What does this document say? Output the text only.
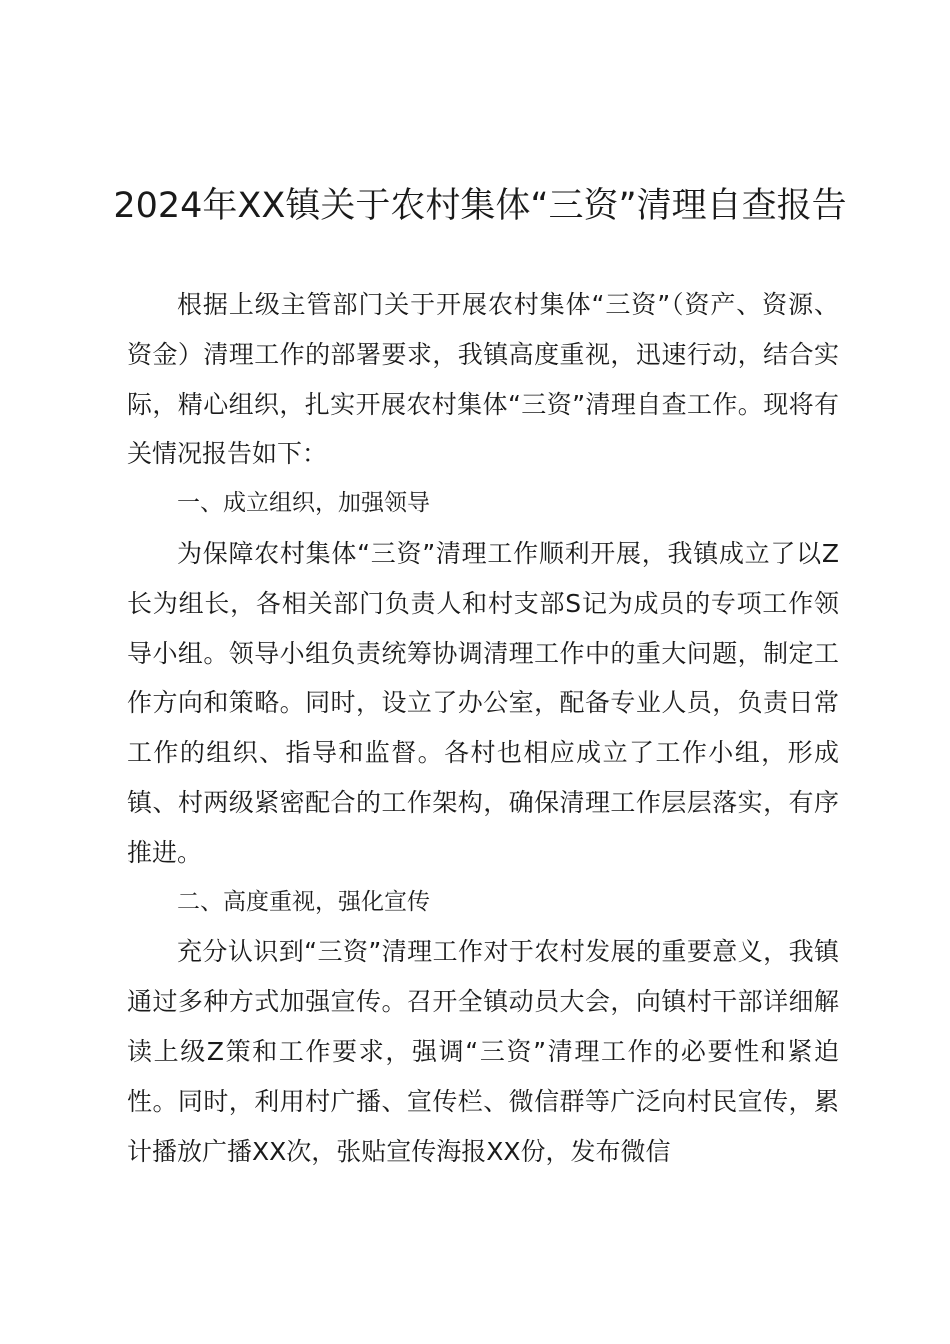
2024年XX镇关于农村集体“三资”清理自查报告

根据上级主管部门关于开展农村集体“三资”（资产、资源、资金）清理工作的部署要求，我镇高度重视，迅速行动，结合实际，精心组织，扎实开展农村集体“三资”清理自查工作。现将有关情况报告如下：

一、成立组织，加强领导

为保障农村集体“三资”清理工作顺利开展，我镇成立了以Z长为组长，各相关部门负责人和村支部S记为成员的专项工作领导小组。领导小组负责统筹协调清理工作中的重大问题，制定工作方向和策略。同时，设立了办公室，配备专业人员，负责日常工作的组织、指导和监督。各村也相应成立了工作小组，形成镇、村两级紧密配合的工作架构，确保清理工作层层落实，有序推进。

二、高度重视，强化宣传

充分认识到“三资”清理工作对于农村发展的重要意义，我镇通过多种方式加强宣传。召开全镇动员大会，向镇村干部详细解读上级Z策和工作要求，强调“三资”清理工作的必要性和紧迫性。同时，利用村广播、宣传栏、微信群等广泛向村民宣传，累计播放广播XX次，张贴宣传海报XX份，发布微信
